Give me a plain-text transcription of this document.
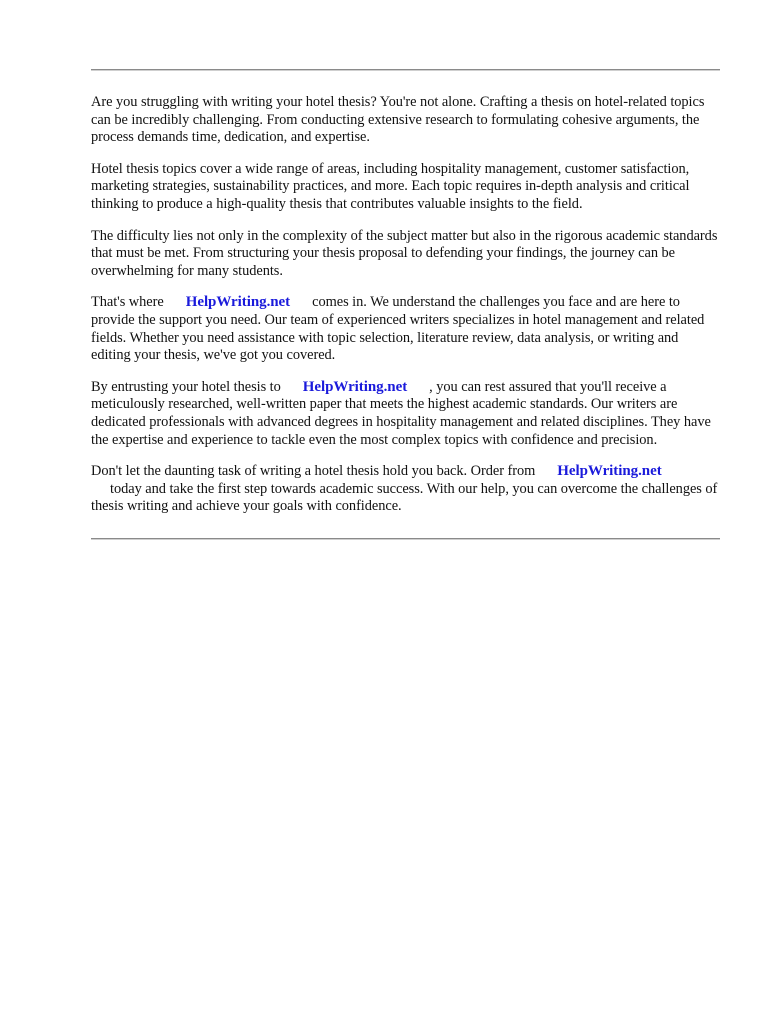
Are you struggling with writing your hotel thesis? You're not alone. Crafting a thesis on hotel-related topics can be incredibly challenging. From conducting extensive research to formulating cohesive arguments, the process demands time, dedication, and expertise.

Hotel thesis topics cover a wide range of areas, including hospitality management, customer satisfaction, marketing strategies, sustainability practices, and more. Each topic requires in-depth analysis and critical thinking to produce a high-quality thesis that contributes valuable insights to the field.

The difficulty lies not only in the complexity of the subject matter but also in the rigorous academic standards that must be met. From structuring your thesis proposal to defending your findings, the journey can be overwhelming for many students.

That's where HelpWriting.net comes in. We understand the challenges you face and are here to provide the support you need. Our team of experienced writers specializes in hotel management and related fields. Whether you need assistance with topic selection, literature review, data analysis, or writing and editing your thesis, we've got you covered.

By entrusting your hotel thesis to HelpWriting.net , you can rest assured that you'll receive a meticulously researched, well-written paper that meets the highest academic standards. Our writers are dedicated professionals with advanced degrees in hospitality management and related disciplines. They have the expertise and experience to tackle even the most complex topics with confidence and precision.

Don't let the daunting task of writing a hotel thesis hold you back. Order from HelpWriting.net
today and take the first step towards academic success. With our help, you can overcome the challenges of thesis writing and achieve your goals with confidence.
